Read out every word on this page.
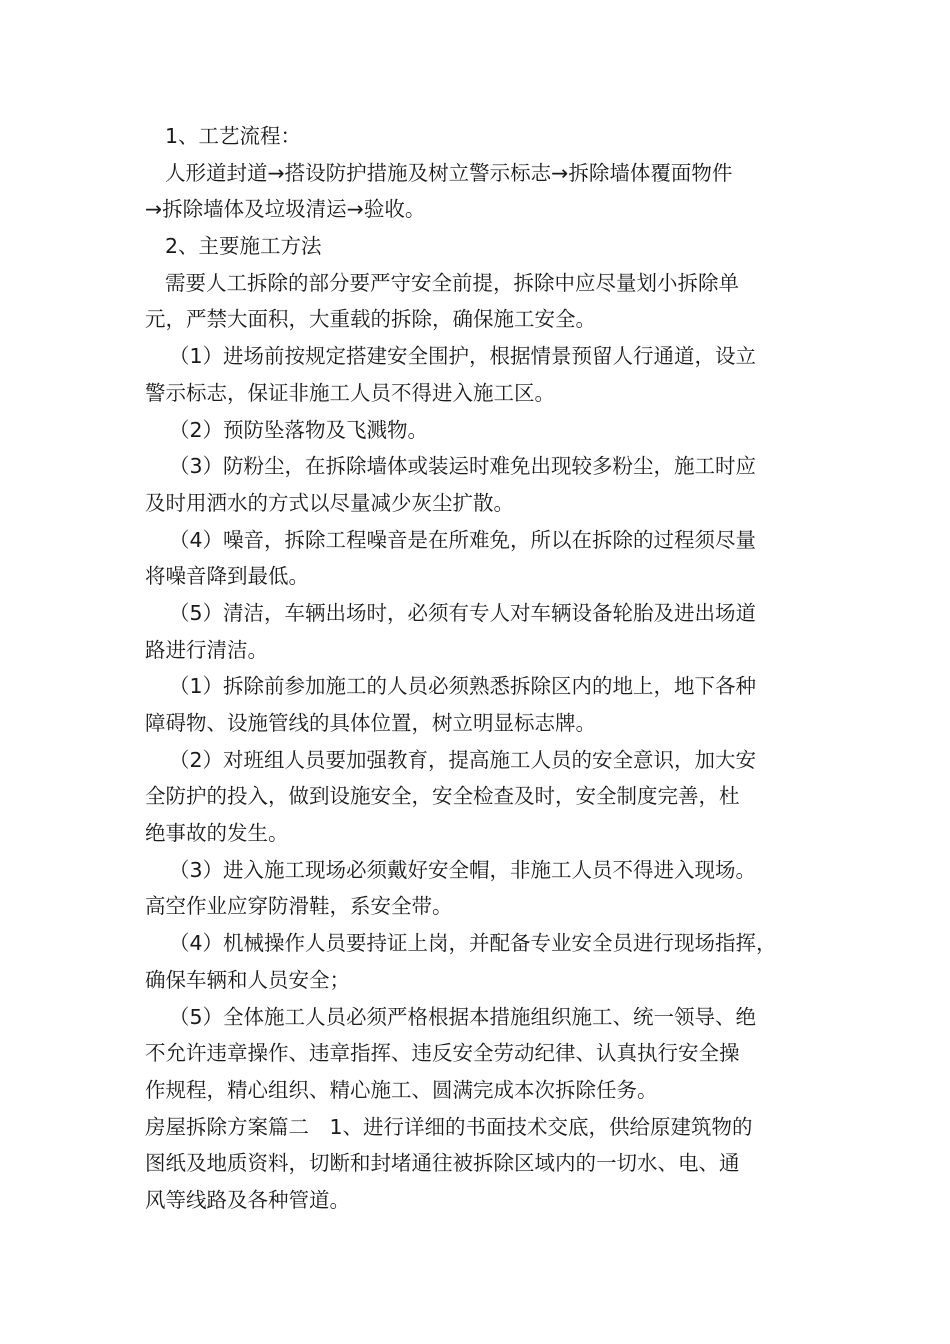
1、工艺流程：
人形道封道→搭设防护措施及树立警示标志→拆除墙体覆面物件
→拆除墙体及垃圾清运→验收。
2、主要施工方法
需要人工拆除的部分要严守安全前提，拆除中应尽量划小拆除单
元，严禁大面积，大重载的拆除，确保施工安全。
（1）进场前按规定搭建安全围护，根据情景预留人行通道，设立
警示标志，保证非施工人员不得进入施工区。
（2）预防坠落物及飞溅物。
（3）防粉尘，在拆除墙体或装运时难免出现较多粉尘，施工时应
及时用洒水的方式以尽量减少灰尘扩散。
（4）噪音，拆除工程噪音是在所难免，所以在拆除的过程须尽量
将噪音降到最低。
（5）清洁，车辆出场时，必须有专人对车辆设备轮胎及进出场道
路进行清洁。
（1）拆除前参加施工的人员必须熟悉拆除区内的地上，地下各种
障碍物、设施管线的具体位置，树立明显标志牌。
（2）对班组人员要加强教育，提高施工人员的安全意识，加大安
全防护的投入，做到设施安全，安全检查及时，安全制度完善，杜
绝事故的发生。
（3）进入施工现场必须戴好安全帽，非施工人员不得进入现场。
高空作业应穿防滑鞋，系安全带。
（4）机械操作人员要持证上岗，并配备专业安全员进行现场指挥，
确保车辆和人员安全；
（5）全体施工人员必须严格根据本措施组织施工、统一领导、绝
不允许违章操作、违章指挥、违反安全劳动纪律、认真执行安全操
作规程，精心组织、精心施工、圆满完成本次拆除任务。
房屋拆除方案篇二　1、进行详细的书面技术交底，供给原建筑物的
图纸及地质资料，切断和封堵通往被拆除区域内的一切水、电、通
风等线路及各种管道。
